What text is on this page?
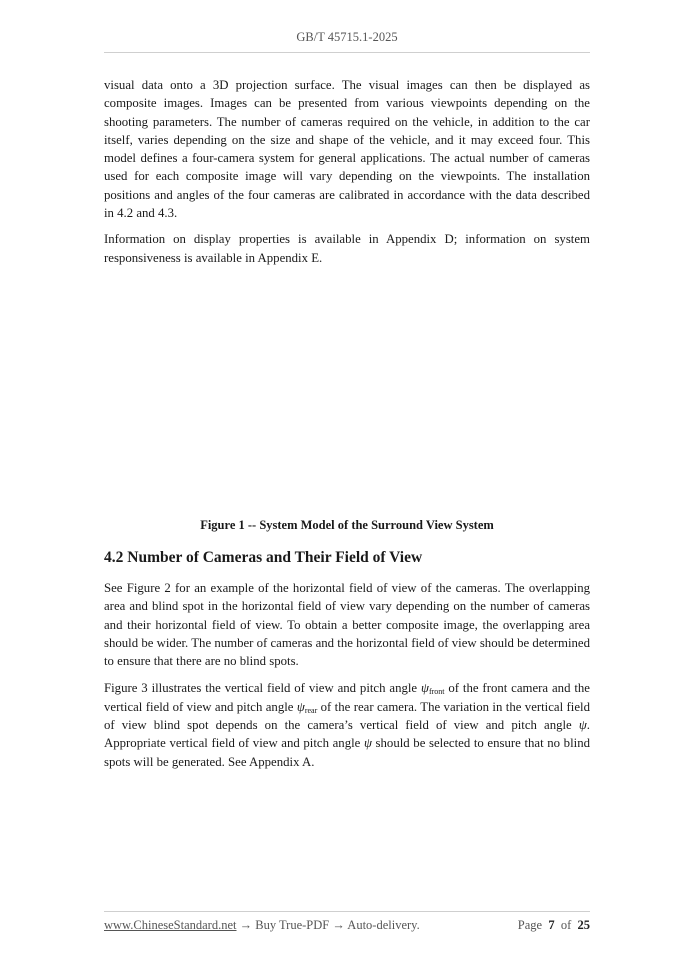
GB/T 45715.1-2025

visual data onto a 3D projection surface. The visual images can then be displayed as composite images. Images can be presented from various viewpoints depending on the shooting parameters. The number of cameras required on the vehicle, in addition to the car itself, varies depending on the size and shape of the vehicle, and it may exceed four. This model defines a four-camera system for general applications. The actual number of cameras used for each composite image will vary depending on the viewpoints. The installation positions and angles of the four cameras are calibrated in accordance with the data described in 4.2 and 4.3.

Information on display properties is available in Appendix D; information on system responsiveness is available in Appendix E.

Figure 1 -- System Model of the Surround View System

4.2 Number of Cameras and Their Field of View

See Figure 2 for an example of the horizontal field of view of the cameras. The overlapping area and blind spot in the horizontal field of view vary depending on the number of cameras and their horizontal field of view. To obtain a better composite image, the overlapping area should be wider. The number of cameras and the horizontal field of view should be determined to ensure that there are no blind spots.

Figure 3 illustrates the vertical field of view and pitch angle $\psi_{front}$ of the front camera and the vertical field of view and pitch angle $\psi_{rear}$ of the rear camera. The variation in the vertical field of view blind spot depends on the camera’s vertical field of view and pitch angle ψ. Appropriate vertical field of view and pitch angle ψ should be selected to ensure that no blind spots will be generated. See Appendix A.

www.ChineseStandard.net → Buy True-PDF → Auto-delivery.	Page 7 of 25
